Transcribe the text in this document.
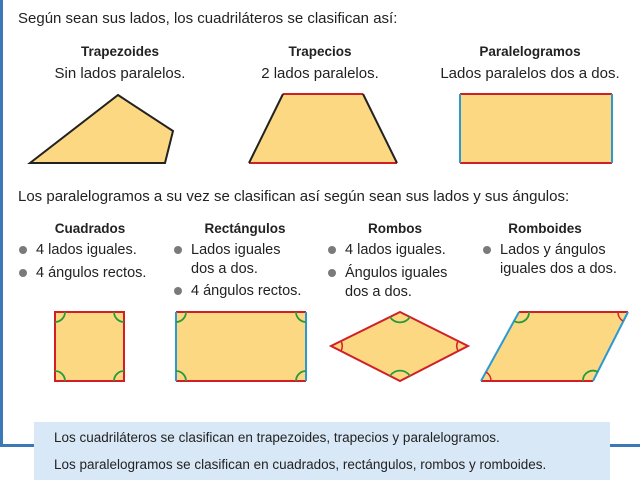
Según sean sus lados, los cuadriláteros se clasifican así:
Trapezoides
Sin lados paralelos.
Trapecios
2 lados paralelos.
Paralelogramos
Lados paralelos dos a dos.
Los paralelogramos a su vez se clasifican así según sean sus lados y sus ángulos:
Cuadrados
4 lados iguales.
4 ángulos rectos.
Rectángulos
Lados iguales
dos a dos.
4 ángulos rectos.
Rombos
4 lados iguales.
Ángulos iguales
dos a dos.
Romboides
Lados y ángulos
iguales dos a dos.
Los cuadriláteros se clasifican en trapezoides, trapecios y paralelogramos.
Los paralelogramos se clasifican en cuadrados, rectángulos, rombos y romboides.
